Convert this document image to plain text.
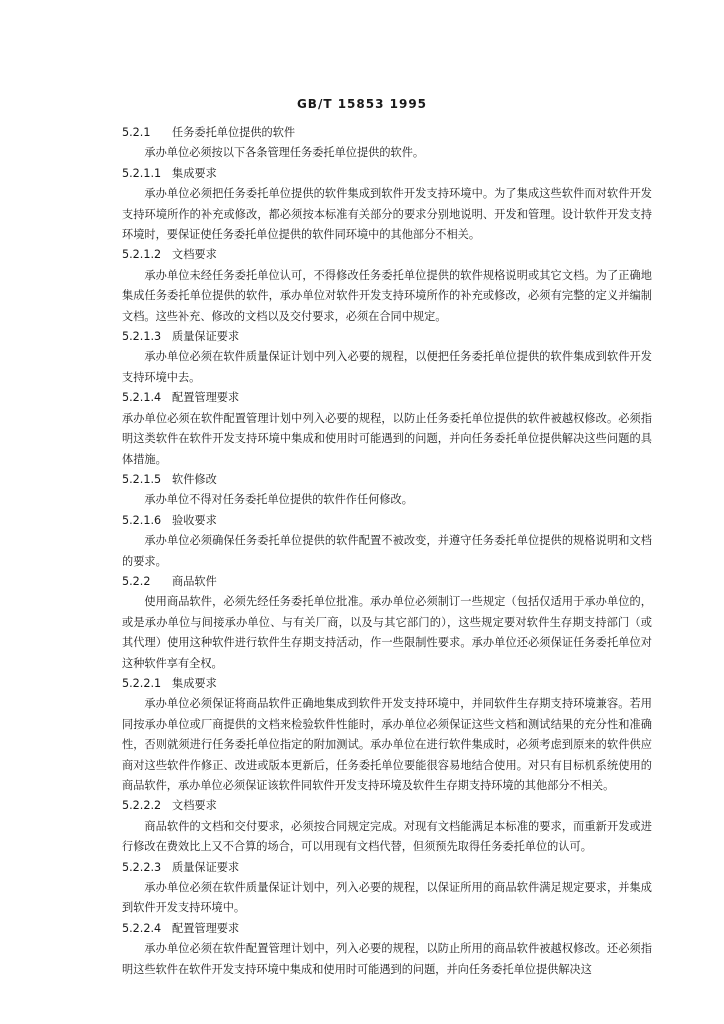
GB/T 15853 1995
5.2.1 任务委托单位提供的软件
承办单位必须按以下各条管理任务委托单位提供的软件。
5.2.1.1 集成要求
承办单位必须把任务委托单位提供的软件集成到软件开发支持环境中。为了集成这些软件而对软件开发支持环境所作的补充或修改，都必须按本标准有关部分的要求分别地说明、开发和管理。设计软件开发支持环境时，要保证使任务委托单位提供的软件同环境中的其他部分不相关。
5.2.1.2 文档要求
承办单位未经任务委托单位认可，不得修改任务委托单位提供的软件规格说明或其它文档。为了正确地集成任务委托单位提供的软件，承办单位对软件开发支持环境所作的补充或修改，必须有完整的定义并编制文档。这些补充、修改的文档以及交付要求，必须在合同中规定。
5.2.1.3 质量保证要求
承办单位必须在软件质量保证计划中列入必要的规程，以便把任务委托单位提供的软件集成到软件开发支持环境中去。
5.2.1.4 配置管理要求
承办单位必须在软件配置管理计划中列入必要的规程，以防止任务委托单位提供的软件被越权修改。必须指明这类软件在软件开发支持环境中集成和使用时可能遇到的问题，并向任务委托单位提供解决这些问题的具体措施。
5.2.1.5 软件修改
承办单位不得对任务委托单位提供的软件作任何修改。
5.2.1.6 验收要求
承办单位必须确保任务委托单位提供的软件配置不被改变，并遵守任务委托单位提供的规格说明和文档的要求。
5.2.2 商品软件
使用商品软件，必须先经任务委托单位批准。承办单位必须制订一些规定（包括仅适用于承办单位的，或是承办单位与间接承办单位、与有关厂商，以及与其它部门的），这些规定要对软件生存期支持部门（或其代理）使用这种软件进行软件生存期支持活动，作一些限制性要求。承办单位还必须保证任务委托单位对这种软件享有全权。
5.2.2.1 集成要求
承办单位必须保证将商品软件正确地集成到软件开发支持环境中，并同软件生存期支持环境兼容。若用同按承办单位或厂商提供的文档来检验软件性能时，承办单位必须保证这些文档和测试结果的充分性和准确性，否则就须进行任务委托单位指定的附加测试。承办单位在进行软件集成时，必须考虑到原来的软件供应商对这些软件作修正、改进或版本更新后，任务委托单位要能很容易地结合使用。对只有目标机系统使用的商品软件，承办单位必须保证该软件同软件开发支持环境及软件生存期支持环境的其他部分不相关。
5.2.2.2 文档要求
商品软件的文档和交付要求，必须按合同规定完成。对现有文档能满足本标准的要求，而重新开发或进行修改在费效比上又不合算的场合，可以用现有文档代替，但须预先取得任务委托单位的认可。
5.2.2.3 质量保证要求
承办单位必须在软件质量保证计划中，列入必要的规程，以保证所用的商品软件满足规定要求，并集成到软件开发支持环境中。
5.2.2.4 配置管理要求
承办单位必须在软件配置管理计划中，列入必要的规程，以防止所用的商品软件被越权修改。还必须指明这些软件在软件开发支持环境中集成和使用时可能遇到的问题，并向任务委托单位提供解决这
